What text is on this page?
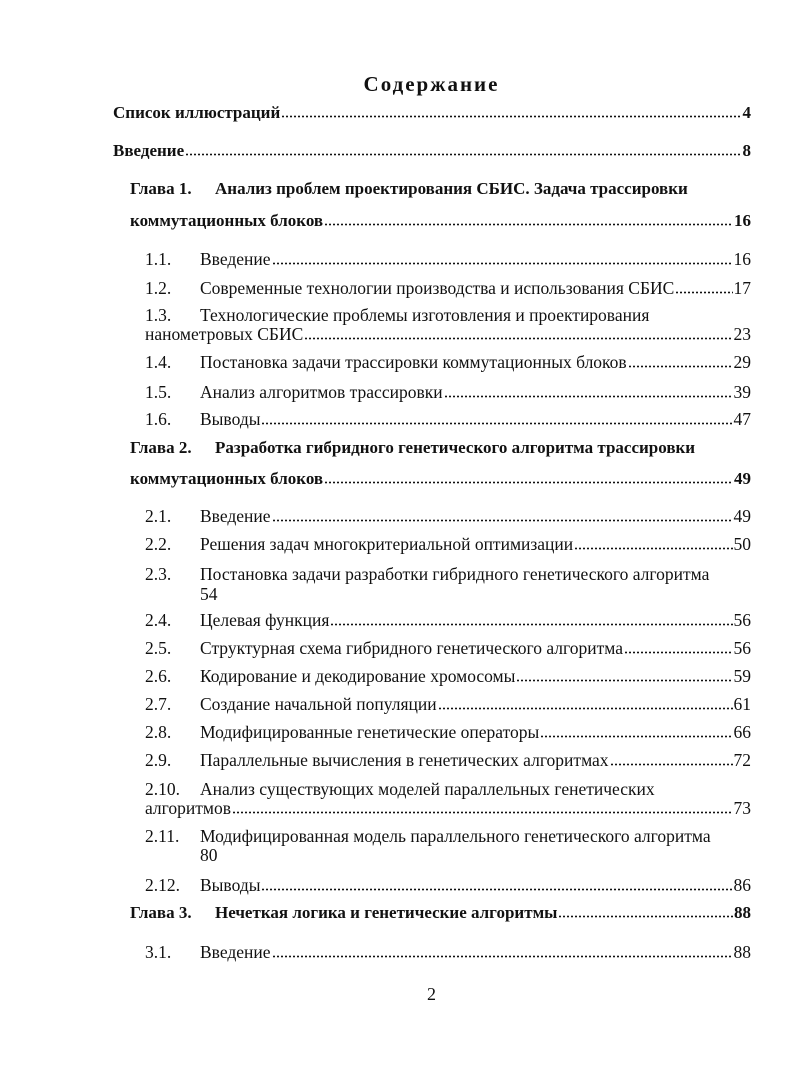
Содержание
Список иллюстраций	4
Введение	8
Глава 1.	Анализ проблем проектирования СБИС. Задача трассировки
коммутационных блоков	16
1.1.	Введение	16
1.2.	Современные технологии производства и использования СБИС	17
1.3.	Технологические проблемы изготовления и проектирования
нанометровых СБИС	23
1.4.	Постановка задачи трассировки коммутационных блоков	29
1.5.	Анализ алгоритмов трассировки	39
1.6.	Выводы	47
Глава 2.	Разработка гибридного генетического алгоритма трассировки
коммутационных блоков	49
2.1.	Введение	49
2.2.	Решения задач многокритериальной оптимизации	50
2.3.	Постановка задачи разработки гибридного генетического алгоритма
54
2.4.	Целевая функция	56
2.5.	Структурная схема гибридного генетического алгоритма	56
2.6.	Кодирование и декодирование хромосомы	59
2.7.	Создание начальной популяции	61
2.8.	Модифицированные генетические операторы	66
2.9.	Параллельные вычисления в генетических алгоритмах	72
2.10.	Анализ существующих моделей параллельных генетических
алгоритмов	73
2.11.	Модифицированная модель параллельного генетического алгоритма
80
2.12.	Выводы	86
Глава 3.	Нечеткая логика и генетические алгоритмы	88
3.1.	Введение	88
2
